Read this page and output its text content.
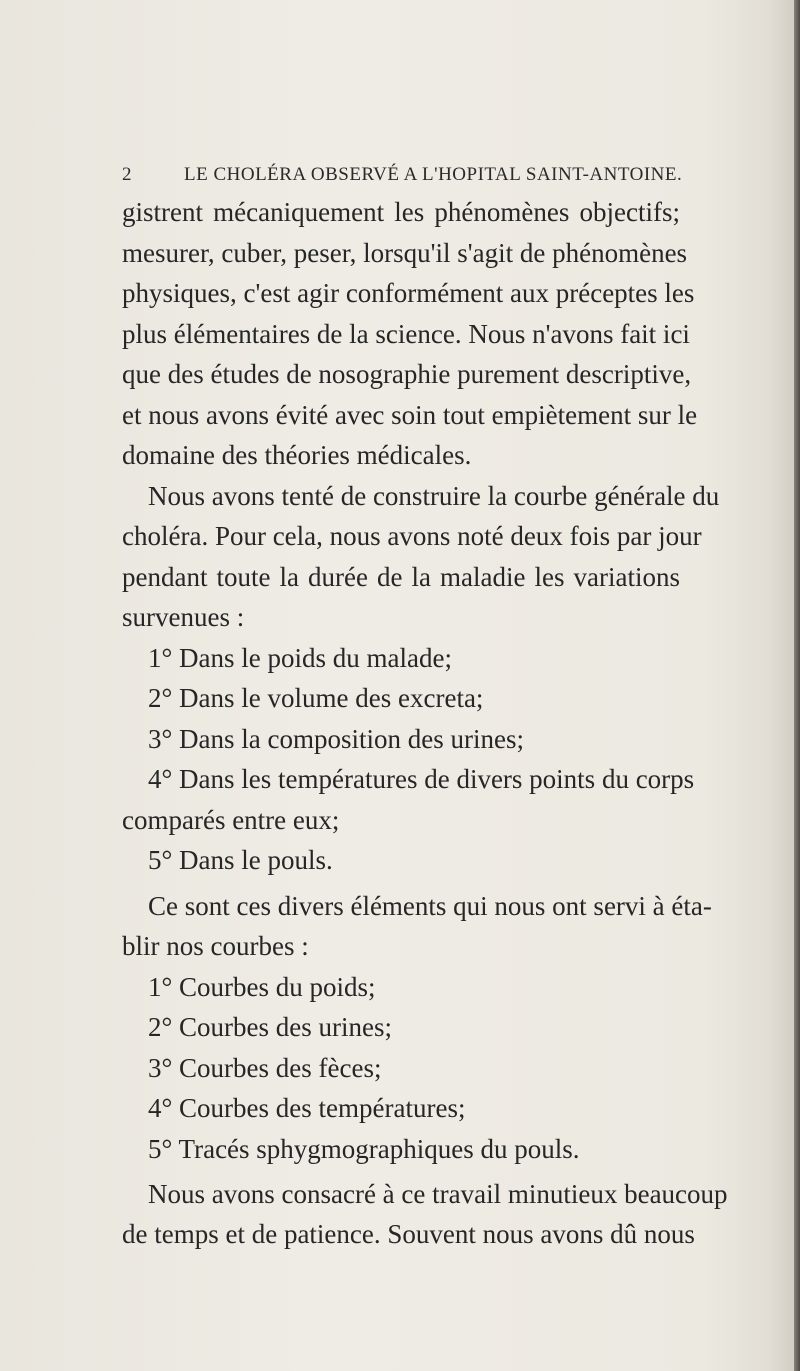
2	LE CHOLÉRA OBSERVÉ A L'HOPITAL SAINT-ANTOINE.
gistrent mécaniquement les phénomènes objectifs;
mesurer, cuber, peser, lorsqu'il s'agit de phénomènes
physiques, c'est agir conformément aux préceptes les
plus élémentaires de la science. Nous n'avons fait ici
que des études de nosographie purement descriptive,
et nous avons évité avec soin tout empiètement sur le
domaine des théories médicales.
Nous avons tenté de construire la courbe générale du
choléra. Pour cela, nous avons noté deux fois par jour
pendant toute la durée de la maladie les variations
survenues :
1° Dans le poids du malade;
2° Dans le volume des excreta;
3° Dans la composition des urines;
4° Dans les températures de divers points du corps
comparés entre eux;
5° Dans le pouls.
Ce sont ces divers éléments qui nous ont servi à éta-
blir nos courbes :
1° Courbes du poids;
2° Courbes des urines;
3° Courbes des fèces;
4° Courbes des températures;
5° Tracés sphygmographiques du pouls.
Nous avons consacré à ce travail minutieux beaucoup
de temps et de patience. Souvent nous avons dû nous
